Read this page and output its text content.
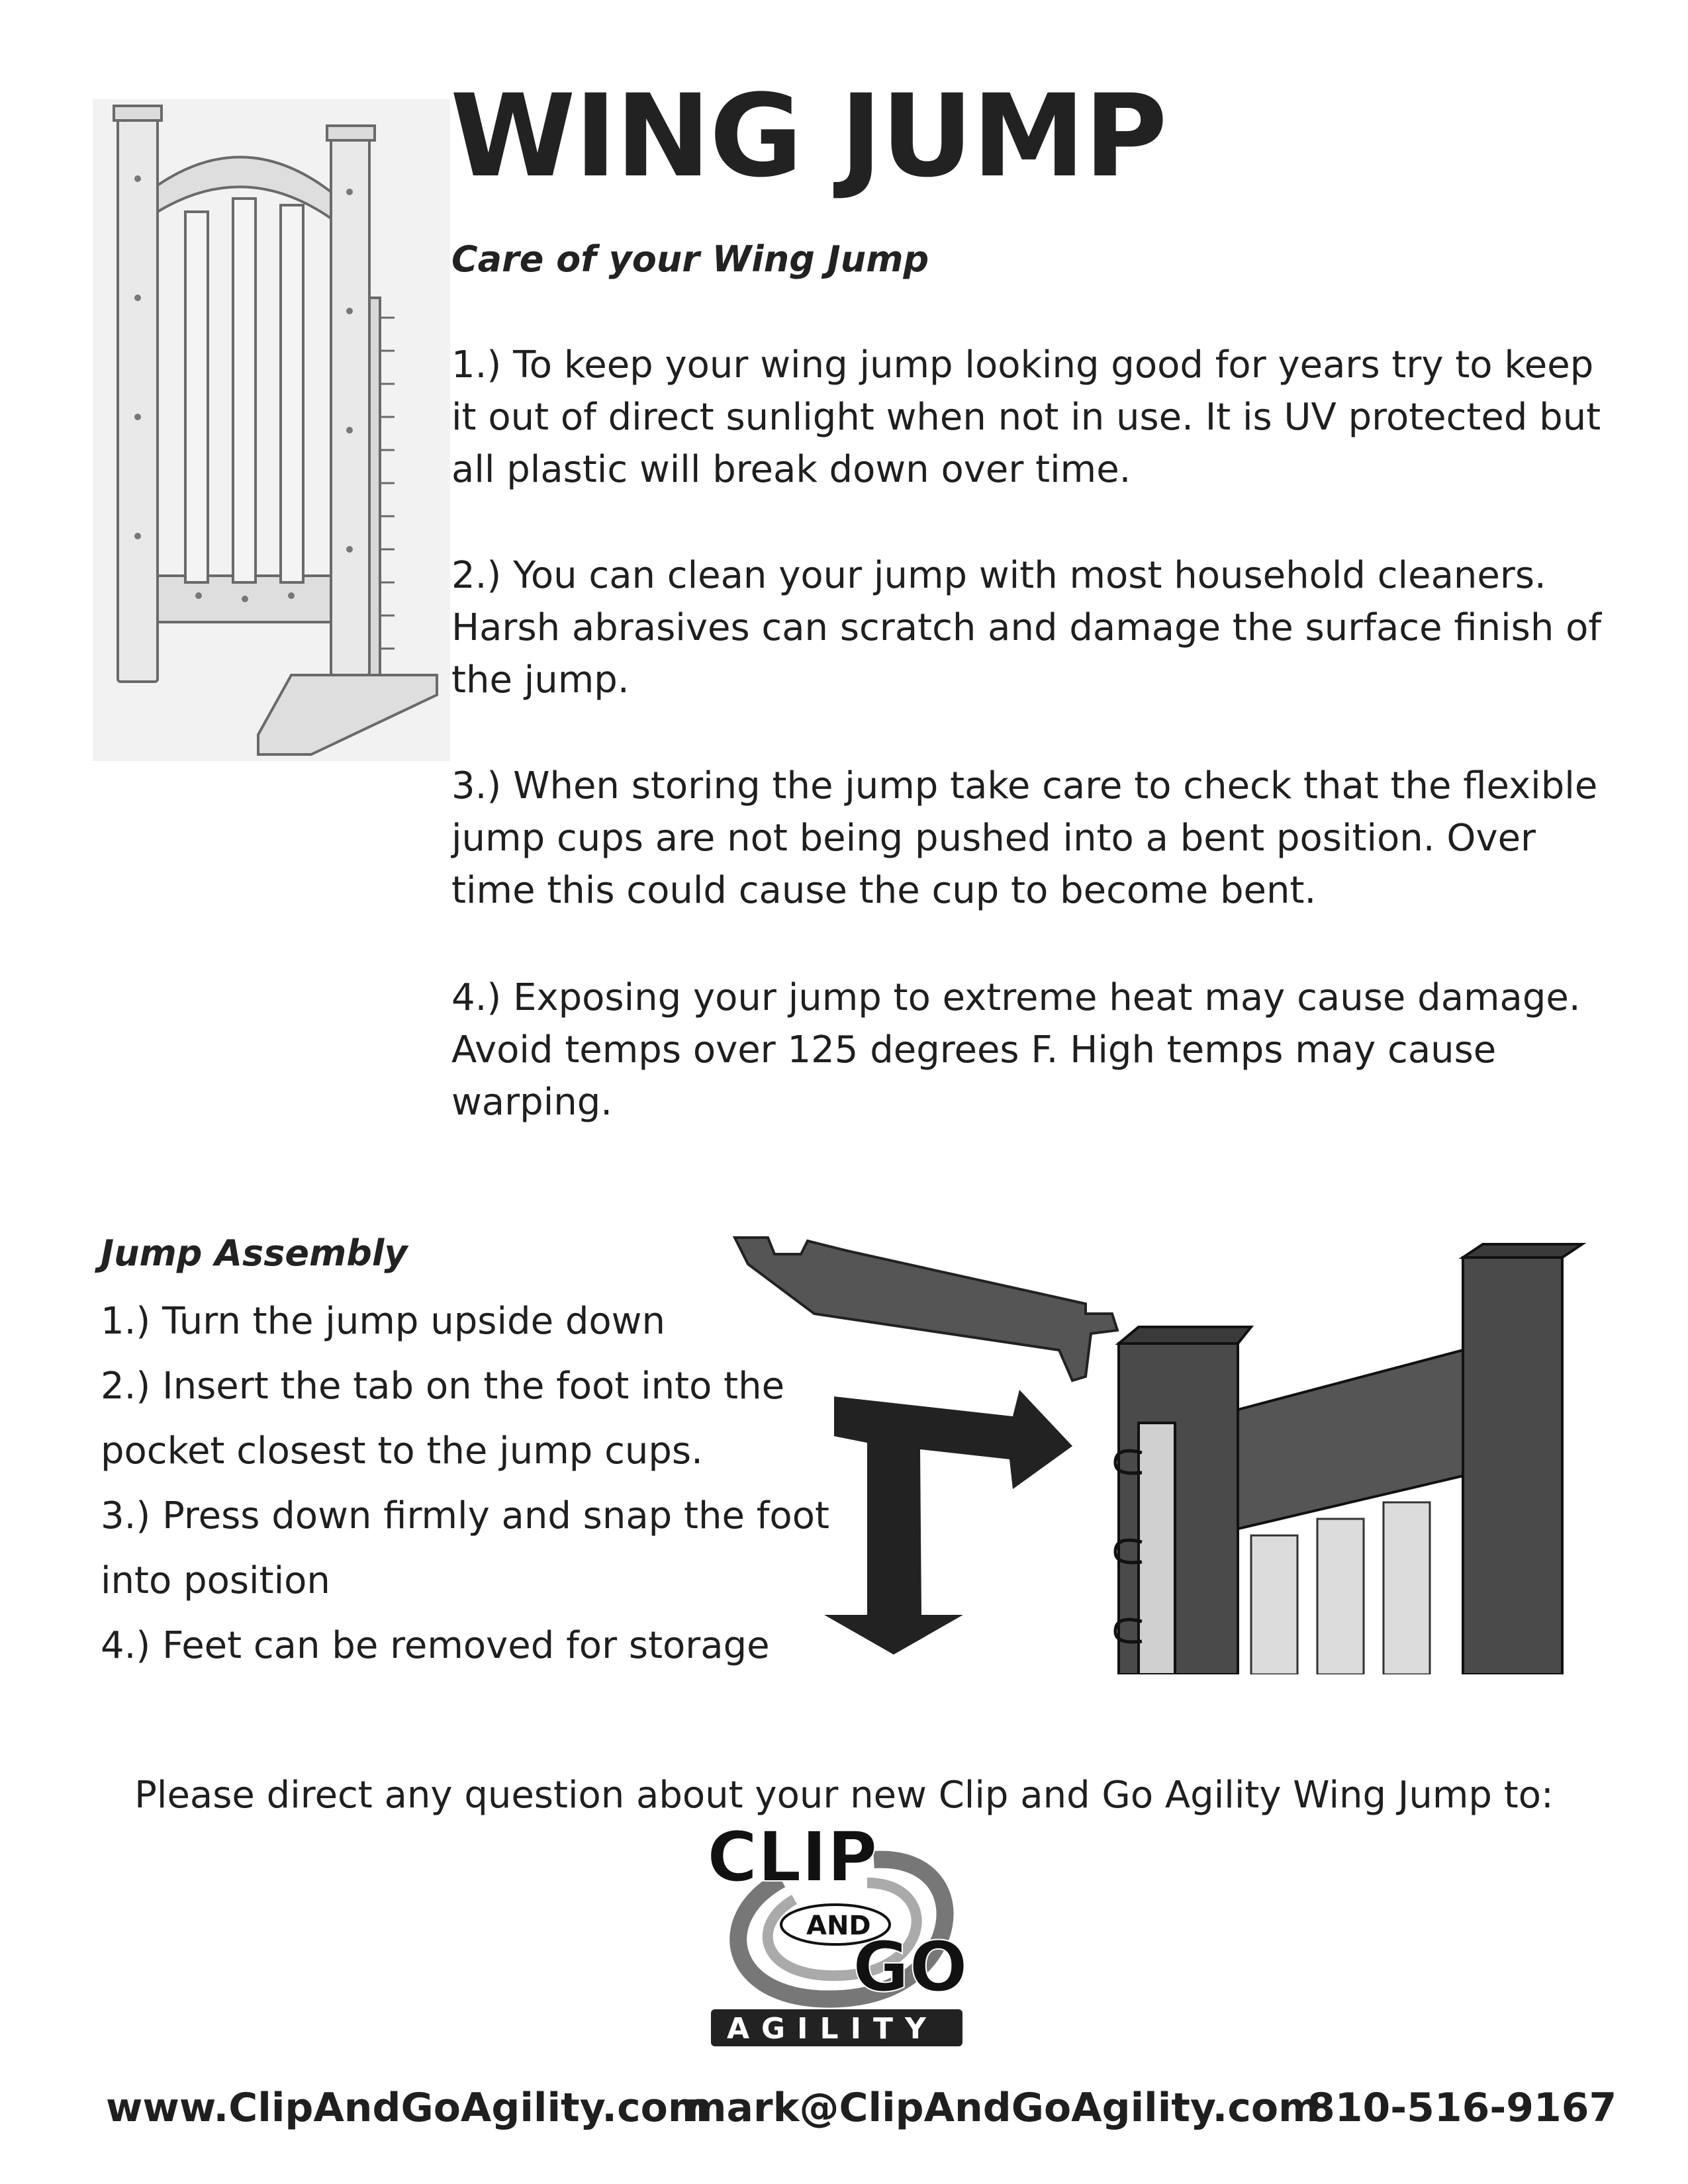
WING JUMP
Care of your Wing Jump

1.) To keep your wing jump looking good for years try to keep it out of direct sunlight when not in use. It is UV protected but all plastic will break down over time.

2.) You can clean your jump with most household cleaners. Harsh abrasives can scratch and damage the surface finish of the jump.

3.) When storing the jump take care to check that the flexible jump cups are not being pushed into a bent position. Over time this could cause the cup to become bent.

4.) Exposing your jump to extreme heat may cause damage. Avoid temps over 125 degrees F. High temps may cause warping.

Jump Assembly

1.) Turn the jump upside down

2.) Insert the tab on the foot into the pocket closest to the jump cups.

3.) Press down firmly and snap the foot into position

4.) Feet can be removed for storage

Please direct any question about your new Clip and Go Agility Wing Jump to:

CLIP
AND
GO
AGILITY

www.ClipAndGoAgility.com

mark@ClipAndGoAgility.com

810-516-9167
